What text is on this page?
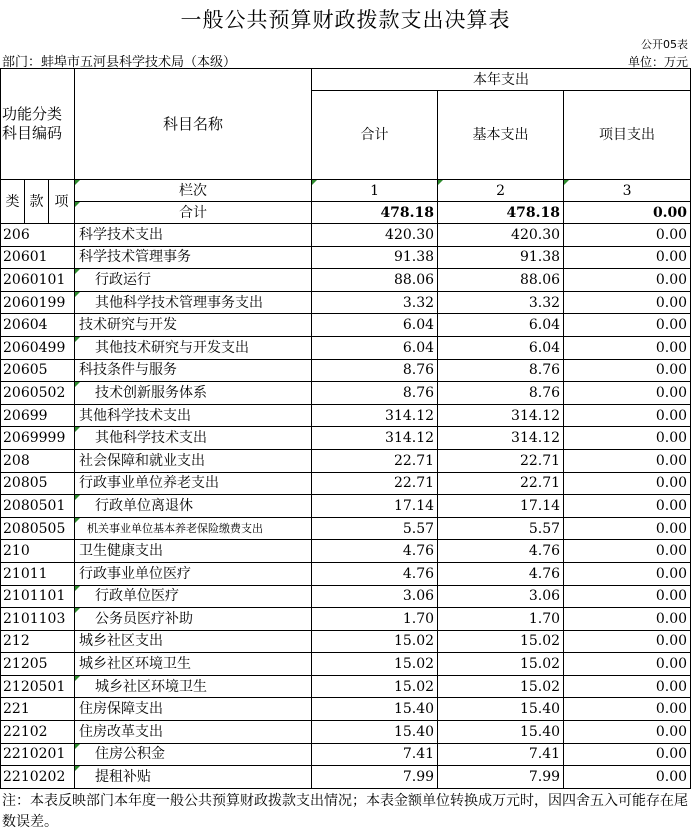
一般公共预算财政拨款支出决算表
公开05表
部门：蚌埠市五河县科学技术局（本级）	单位：万元
功能分类科目编码			科目名称	本年支出		
				合计	基本支出	项目支出
类	款	项	栏次	1	2	3
			合计	478.18	478.18	0.00
206			科学技术支出	420.30	420.30	0.00
20601			科学技术管理事务	91.38	91.38	0.00
2060101			行政运行	88.06	88.06	0.00
2060199			其他科学技术管理事务支出	3.32	3.32	0.00
20604			技术研究与开发	6.04	6.04	0.00
2060499			其他技术研究与开发支出	6.04	6.04	0.00
20605			科技条件与服务	8.76	8.76	0.00
2060502			技术创新服务体系	8.76	8.76	0.00
20699			其他科学技术支出	314.12	314.12	0.00
2069999			其他科学技术支出	314.12	314.12	0.00
208			社会保障和就业支出	22.71	22.71	0.00
20805			行政事业单位养老支出	22.71	22.71	0.00
2080501			行政单位离退休	17.14	17.14	0.00
2080505			机关事业单位基本养老保险缴费支出	5.57	5.57	0.00
210			卫生健康支出	4.76	4.76	0.00
21011			行政事业单位医疗	4.76	4.76	0.00
2101101			行政单位医疗	3.06	3.06	0.00
2101103			公务员医疗补助	1.70	1.70	0.00
212			城乡社区支出	15.02	15.02	0.00
21205			城乡社区环境卫生	15.02	15.02	0.00
2120501			城乡社区环境卫生	15.02	15.02	0.00
221			住房保障支出	15.40	15.40	0.00
22102			住房改革支出	15.40	15.40	0.00
2210201			住房公积金	7.41	7.41	0.00
2210202			提租补贴	7.99	7.99	0.00
注：本表反映部门本年度一般公共预算财政拨款支出情况；本表金额单位转换成万元时，因四舍五入可能存在尾数误差。
